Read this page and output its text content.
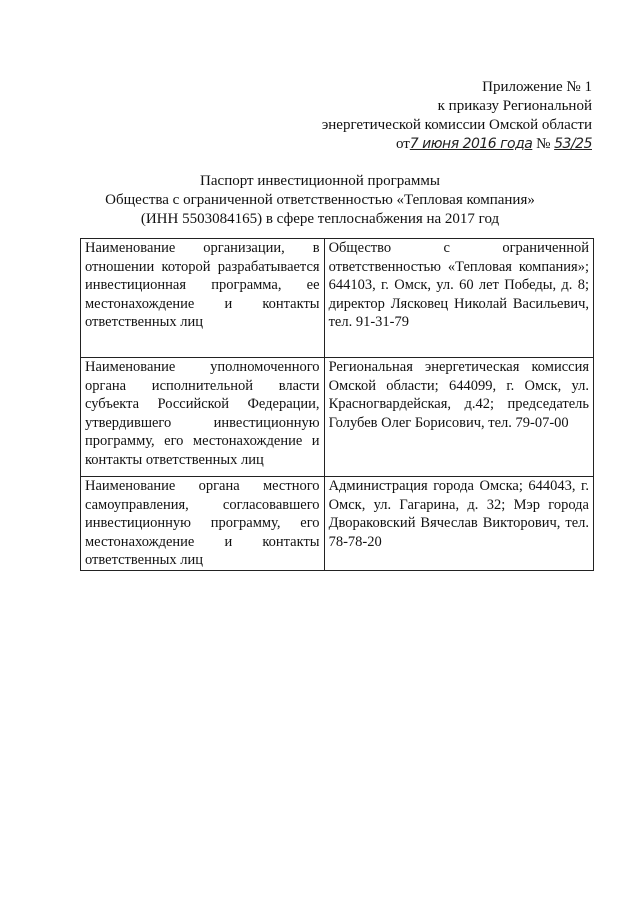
Приложение № 1
к приказу Региональной
энергетической комиссии Омской области
от7 июня 2016 года № 53/25
Паспорт инвестиционной программы
Общества с ограниченной ответственностью «Тепловая компания»
(ИНН 5503084165) в сфере теплоснабжения на 2017 год
Наименование организации, в отношении которой разрабатывается инвестиционная программа, ее местонахождение и контакты ответственных лиц	Общество с ограниченной ответственностью «Тепловая компания»; 644103, г. Омск, ул. 60 лет Победы, д. 8; директор Лясковец Николай Васильевич, тел. 91-31-79
Наименование уполномоченного органа исполнительной власти субъекта Российской Федерации, утвердившего инвестиционную программу, его местонахождение и контакты ответственных лиц	Региональная энергетическая комиссия Омской области; 644099, г. Омск, ул. Красногвардейская, д.42; председатель Голубев Олег Борисович, тел. 79-07-00
Наименование органа местного самоуправления, согласовавшего инвестиционную программу, его местонахождение и контакты ответственных лиц	Администрация города Омска; 644043, г. Омск, ул. Гагарина, д. 32; Мэр города Двораковский Вячеслав Викторович, тел. 78-78-20
